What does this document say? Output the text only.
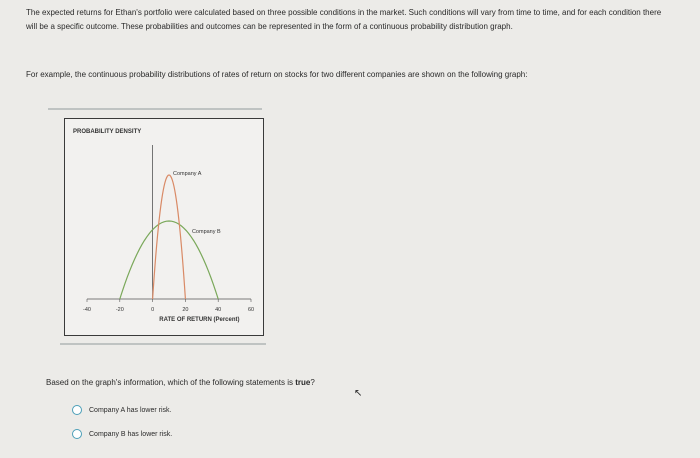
The expected returns for Ethan's portfolio were calculated based on three possible conditions in the market. Such conditions will vary from time to time, and for each condition there will be a specific outcome. These probabilities and outcomes can be represented in the form of a continuous probability distribution graph.
For example, the continuous probability distributions of rates of return on stocks for two different companies are shown on the following graph:
PROBABILITY DENSITY
-40	-20	0	20	40	60
RATE OF RETURN (Percent)
Company A
Company B
Based on the graph's information, which of the following statements is true?
Company A has lower risk.
Company B has lower risk.
↖
